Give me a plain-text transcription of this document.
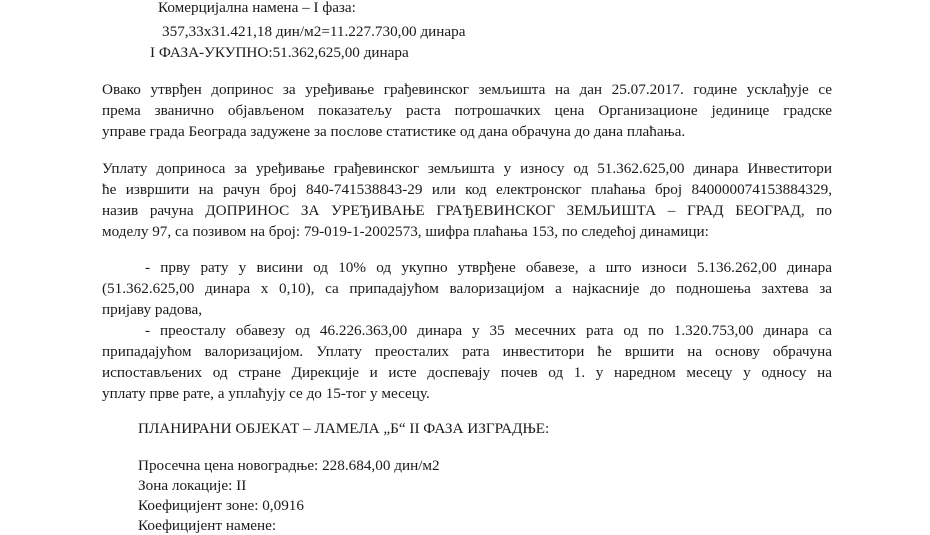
Комерцијална намена – I фаза:
357,33x31.421,18 дин/м2=11.227.730,00 динара
I ФАЗА-УКУПНО:51.362,625,00 динара
Овако утврђен допринос за уређивање грађевинског земљишта на дан 25.07.2017. године усклађује се
према званично објављеном показатељу раста потрошачких цена Организационе јединице градске
управе града Београда задужене за послове статистике од дана обрачуна до дана плаћања.
Уплату доприноса за уређивање грађевинског земљишта у износу од 51.362.625,00 динара Инвеститори
ће извршити на рачун број 840-741538843-29 или код електронског плаћања број 840000074153884329,
назив рачуна ДОПРИНОС ЗА УРЕЂИВАЊЕ ГРАЂЕВИНСКОГ ЗЕМЉИШТА – ГРАД БЕОГРАД, по
моделу 97, са позивом на број: 79-019-1-2002573, шифра плаћања 153, по следећој динамици:
- прву рату у висини од 10% од укупно утврђене обавезе, а што износи 5.136.262,00 динара
(51.362.625,00 динара x 0,10), са припадајућом валоризацијом а најкасније до подношења захтева за
пријаву радова,
- преосталу обавезу од 46.226.363,00 динара у 35 месечних рата од по 1.320.753,00 динара са
припадајућом валоризацијом. Уплату преосталих рата инвеститори ће вршити на основу обрачуна
испостављених од стране Дирекције и исте доспевају почев од 1. у наредном месецу у односу на
уплату прве рате, а уплаћују се до 15-тог у месецу.
ПЛАНИРАНИ ОБЈЕКАТ – ЛАМЕЛА „Б“ II ФАЗА ИЗГРАДЊЕ:
Просечна цена новоградње: 228.684,00 дин/м2
Зона локације: II
Коефицијент зоне: 0,0916
Коефицијент намене:
